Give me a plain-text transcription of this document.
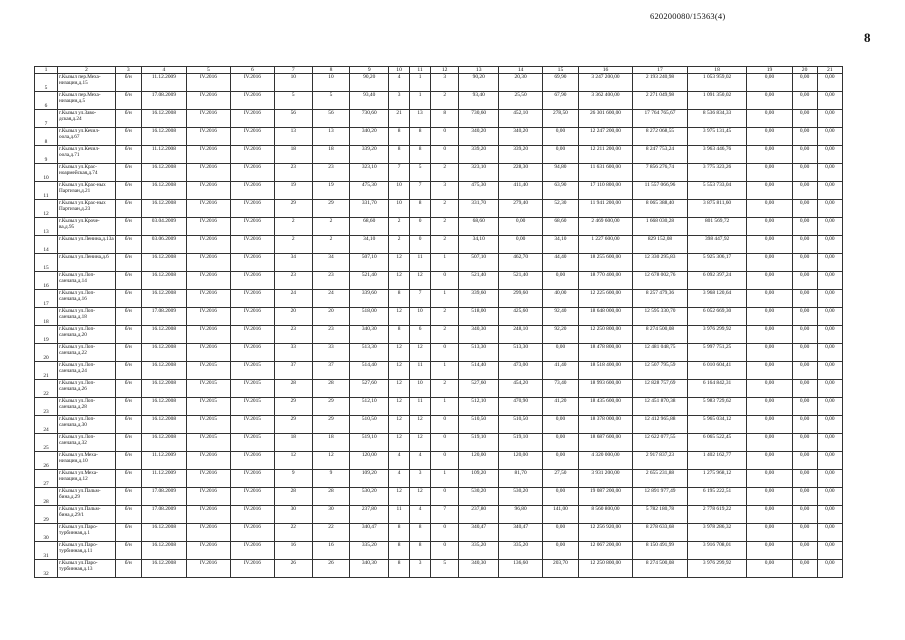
620200080/15363(4)
8
1	2	3	4	5	6	7	8	9	10	11	12	13	14	15	16	17	18	19	20	21
5	г.Кызыл пер.Меха-низации,д.15	б/н	11.12.2009	IV.2016	IV.2016	10	10	90,20	4	1	3	90,20	20,30	69,90	3 247 200,00	2 193 240,98	1 053 959,02	0,00	0,00	0,00
6	г.Кызыл пер.Меха-низации,д.5	б/н	17.08.2009	IV.2016	IV.2016	5	5	93,40	3	1	2	93,40	25,50	67,90	3 362 400,00	2 271 049,98	1 091 350,02	0,00	0,00	0,00
7	г.Кызыл ул.Заво-дская,д.24	б/н	16.12.2008	IV.2016	IV.2016	56	56	730,60	21	13	8	730,60	452,10	278,50	26 301 600,00	17 764 765,67	8 536 834,33	0,00	0,00	0,00
8	г.Кызыл ул.Кечил-оола,д.67	б/н	16.12.2008	IV.2016	IV.2016	13	13	340,20	8	8	0	340,20	340,20	0,00	12 247 200,00	8 272 068,55	3 975 131,45	0,00	0,00	0,00
9	г.Кызыл ул.Кечил-оола,д.71	б/н	11.12.2008	IV.2016	IV.2016	18	18	339,20	8	8	0	339,20	339,20	0,00	12 211 200,00	8 247 753,24	3 963 446,76	0,00	0,00	0,00
10	г.Кызыл ул.Крас-ноармейская,д.74	б/н	16.12.2008	IV.2016	IV.2016	23	23	323,10	7	5	2	323,10	228,30	94,80	11 631 600,00	7 856 276,74	3 775 323,26	0,00	0,00	0,00
11	г.Кызыл ул.Крас-ных Партизан,д.21	б/н	16.12.2008	IV.2016	IV.2016	19	19	475,30	10	7	3	475,30	411,40	63,90	17 110 800,00	11 557 066,96	5 553 733,04	0,00	0,00	0,00
12	г.Кызыл ул.Крас-ных Партизан,д.23	б/н	16.12.2008	IV.2016	IV.2016	29	29	331,70	10	8	2	331,70	279,40	52,30	11 941 200,00	8 065 388,40	3 875 811,60	0,00	0,00	0,00
13	г.Кызыл ул.Кроче-ва,д.95	б/н	03.04.2009	IV.2016	IV.2016	2	2	68,60	2	0	2	68,60	0,00	68,60	2 469 600,00	1 668 030,28	801 569,72	0,00	0,00	0,00
14	г.Кызыл ул.Ленина,д.13а	б/н	03.06.2009	IV.2016	IV.2016	2	2	34,10	2	0	2	34,10	0,00	34,10	1 227 600,00	829 152,08	398 447,92	0,00	0,00	0,00
15	г.Кызыл ул.Ленина,д.6	б/н	16.12.2008	IV.2016	IV.2016	34	34	507,10	12	11	1	507,10	462,70	44,40	18 255 600,00	12 330 295,83	5 925 306,17	0,00	0,00	0,00
16	г.Кызыл ул.Лоп-санчапа,д.14	б/н	16.12.2008	IV.2016	IV.2016	23	23	521,40	12	12	0	521,40	521,40	0,00	18 770 400,00	12 678 002,76	6 092 397,24	0,00	0,00	0,00
17	г.Кызыл ул.Лоп-санчапа,д.16	б/н	16.12.2008	IV.2016	IV.2016	24	24	339,60	8	7	1	339,60	299,60	40,00	12 225 600,00	8 257 479,36	3 968 120,64	0,00	0,00	0,00
18	г.Кызыл ул.Лоп-санчапа,д.18	б/н	17.08.2009	IV.2016	IV.2016	20	20	518,00	12	10	2	518,00	425,60	92,40	18 648 000,00	12 595 330,70	6 052 669,30	0,00	0,00	0,00
19	г.Кызыл ул.Лоп-санчапа,д.20	б/н	16.12.2008	IV.2016	IV.2016	23	23	340,30	8	6	2	340,30	248,10	92,20	12 250 800,00	8 274 500,08	3 976 299,92	0,00	0,00	0,00
20	г.Кызыл ул.Лоп-санчапа,д.22	б/н	16.12.2008	IV.2016	IV.2016	33	33	513,30	12	12	0	513,30	513,30	0,00	18 478 800,00	12 481 048,75	5 997 751,25	0,00	0,00	0,00
21	г.Кызыл ул.Лоп-санчапа,д.24	б/н	16.12.2008	IV.2015	IV.2015	37	37	514,40	12	11	1	514,40	473,00	41,40	18 518 400,00	12 507 795,59	6 010 604,41	0,00	0,00	0,00
22	г.Кызыл ул.Лоп-санчапа,д.26	б/н	16.12.2008	IV.2015	IV.2015	28	28	527,60	12	10	2	527,60	454,20	73,40	18 993 600,00	12 828 757,69	6 164 842,31	0,00	0,00	0,00
23	г.Кызыл ул.Лоп-санчапа,д.28	б/н	16.12.2008	IV.2015	IV.2015	29	29	512,10	12	11	1	512,10	470,90	41,20	18 435 600,00	12 451 870,38	5 983 729,62	0,00	0,00	0,00
24	г.Кызыл ул.Лоп-санчапа,д.30	б/н	16.12.2008	IV.2015	IV.2015	29	29	510,50	12	12	0	510,50	510,50	0,00	18 378 000,00	12 412 965,88	5 965 034,12	0,00	0,00	0,00
25	г.Кызыл ул.Лоп-санчапа,д.32	б/н	16.12.2008	IV.2015	IV.2015	18	18	519,10	12	12	0	519,10	519,10	0,00	18 687 600,00	12 622 077,55	6 065 522,45	0,00	0,00	0,00
26	г.Кызыл ул.Меха-низации,д.10	б/н	11.12.2009	IV.2016	IV.2016	12	12	120,00	4	4	0	120,00	120,00	0,00	4 320 000,00	2 917 837,23	1 402 162,77	0,00	0,00	0,00
27	г.Кызыл ул.Меха-низации,д.12	б/н	11.12.2009	IV.2016	IV.2016	9	9	109,20	4	3	1	109,20	81,70	27,50	3 931 200,00	2 655 231,88	1 275 968,12	0,00	0,00	0,00
28	г.Кызыл ул.Пальм-бина,д.29	б/н	17.08.2009	IV.2016	IV.2016	28	28	530,20	12	12	0	530,20	530,20	0,00	19 087 200,00	12 891 977,49	6 195 222,51	0,00	0,00	0,00
29	г.Кызыл ул.Пальм-бина,д.29/1	б/н	17.08.2009	IV.2016	IV.2016	30	30	237,80	11	4	7	237,80	96,80	141,00	8 560 800,00	5 782 180,78	2 778 619,22	0,00	0,00	0,00
30	г.Кызыл ул.Паро-турбинная,д.1	б/н	16.12.2008	IV.2016	IV.2016	22	22	340,47	8	8	0	340,47	340,47	0,00	12 256 920,00	8 278 633,68	3 978 286,32	0,00	0,00	0,00
31	г.Кызыл ул.Паро-турбинная,д.11	б/н	16.12.2008	IV.2016	IV.2016	16	16	335,20	8	8	0	335,20	335,20	0,00	12 067 200,00	8 150 491,99	3 916 708,01	0,00	0,00	0,00
32	г.Кызыл ул.Паро-турбинная,д.13	б/н	16.12.2008	IV.2016	IV.2016	26	26	340,30	8	3	5	340,30	136,60	203,70	12 250 800,00	8 274 500,08	3 976 299,92	0,00	0,00	0,00
